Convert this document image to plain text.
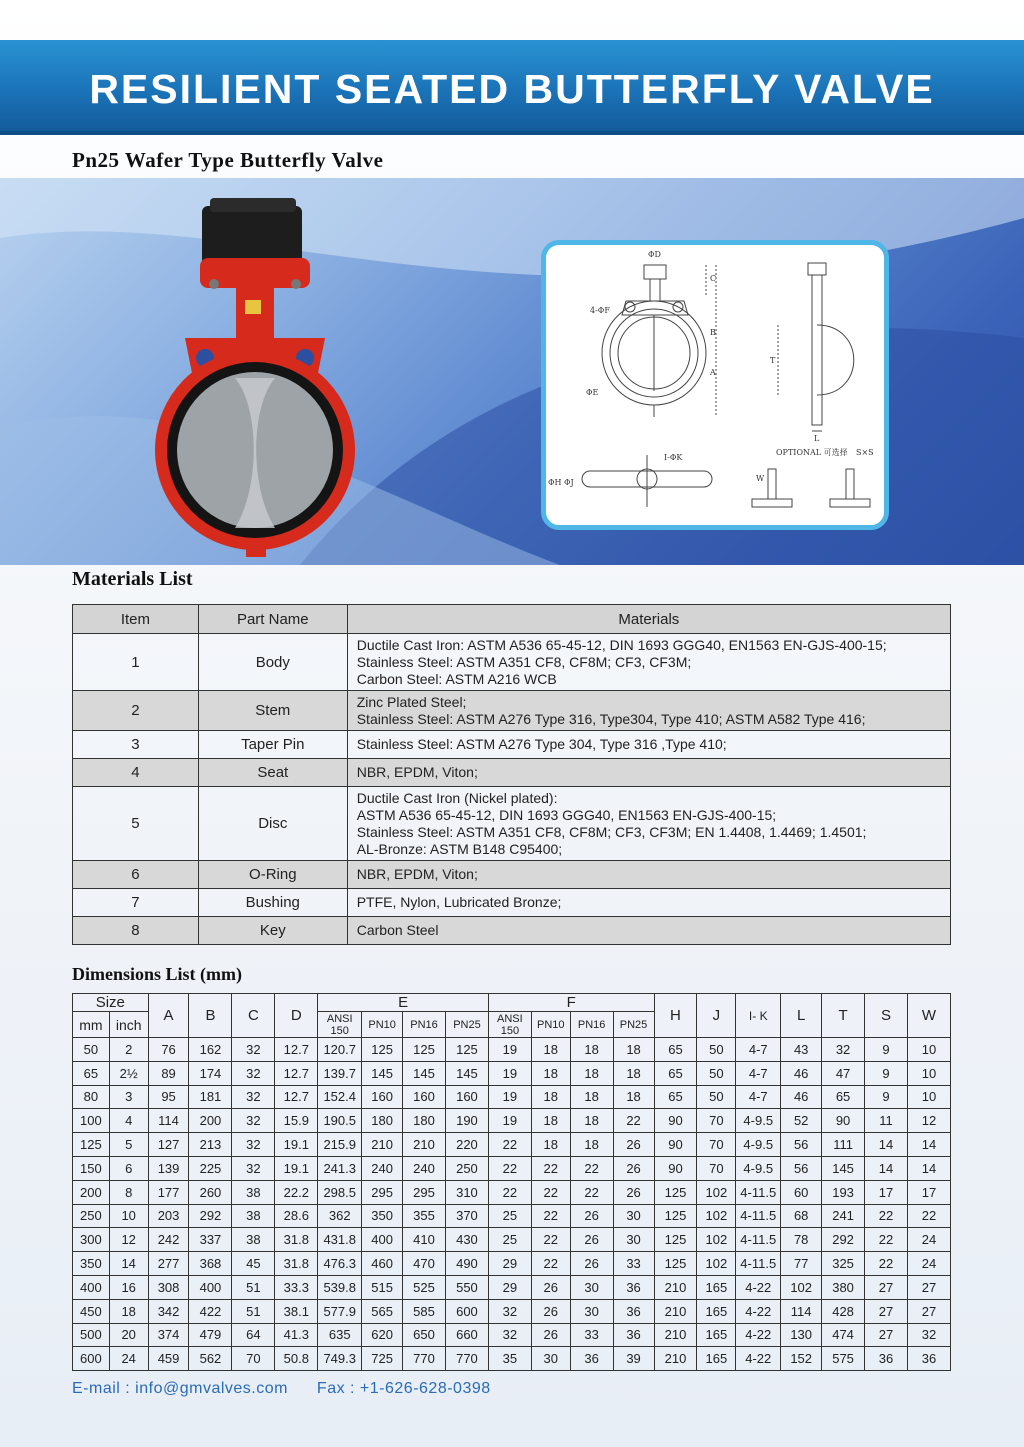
RESILIENT SEATED BUTTERFLY VALVE
Pn25 Wafer Type Butterfly Valve
ΦD
C
B
A
4-ΦF
ΦE
T
L
OPTIONAL 可选择
I-ΦK
ΦH ΦJ	W
S×S
Materials List
Item	Part Name	Materials
1	Body	Ductile Cast Iron: ASTM A536 65-45-12, DIN 1693 GGG40, EN1563 EN-GJS-400-15;
Stainless Steel: ASTM A351 CF8, CF8M; CF3, CF3M;
Carbon Steel: ASTM A216 WCB

2	Stem	Zinc Plated Steel;
Stainless Steel: ASTM A276 Type 316, Type304, Type 410; ASTM A582 Type 416;

3	Taper Pin	Stainless Steel: ASTM A276 Type 304, Type 316 ,Type 410;

4	Seat	NBR, EPDM, Viton;

5	Disc	Ductile Cast Iron (Nickel plated):
ASTM A536 65-45-12, DIN 1693 GGG40, EN1563 EN-GJS-400-15;
Stainless Steel: ASTM A351 CF8, CF8M; CF3, CF3M; EN 1.4408, 1.4469; 1.4501;
AL-Bronze: ASTM B148 C95400;

6	O-Ring	NBR, EPDM, Viton;

7	Bushing	PTFE, Nylon, Lubricated Bronze;

8	Key	Carbon Steel
Dimensions List (mm)
Size		A	B	C	D	E				F				H	J	I- K	L	T	S	W
mm	inch					ANSI 150	PN10	PN16	PN25	ANSI 150	PN10	PN16	PN25							
50	2	76	162	32	12.7	120.7	125	125	125	19	18	18	18	65	50	4-7	43	32	9	10
65	2½	89	174	32	12.7	139.7	145	145	145	19	18	18	18	65	50	4-7	46	47	9	10
80	3	95	181	32	12.7	152.4	160	160	160	19	18	18	18	65	50	4-7	46	65	9	10
100	4	114	200	32	15.9	190.5	180	180	190	19	18	18	22	90	70	4-9.5	52	90	11	12
125	5	127	213	32	19.1	215.9	210	210	220	22	18	18	26	90	70	4-9.5	56	111	14	14
150	6	139	225	32	19.1	241.3	240	240	250	22	22	22	26	90	70	4-9.5	56	145	14	14
200	8	177	260	38	22.2	298.5	295	295	310	22	22	22	26	125	102	4-11.5	60	193	17	17
250	10	203	292	38	28.6	362	350	355	370	25	22	26	30	125	102	4-11.5	68	241	22	22
300	12	242	337	38	31.8	431.8	400	410	430	25	22	26	30	125	102	4-11.5	78	292	22	24
350	14	277	368	45	31.8	476.3	460	470	490	29	22	26	33	125	102	4-11.5	77	325	22	24
400	16	308	400	51	33.3	539.8	515	525	550	29	26	30	36	210	165	4-22	102	380	27	27
450	18	342	422	51	38.1	577.9	565	585	600	32	26	30	36	210	165	4-22	114	428	27	27
500	20	374	479	64	41.3	635	620	650	660	32	26	33	36	210	165	4-22	130	474	27	32
600	24	459	562	70	50.8	749.3	725	770	770	35	30	36	39	210	165	4-22	152	575	36	36
E-mail : info@gmvalves.com Fax : +1-626-628-0398
